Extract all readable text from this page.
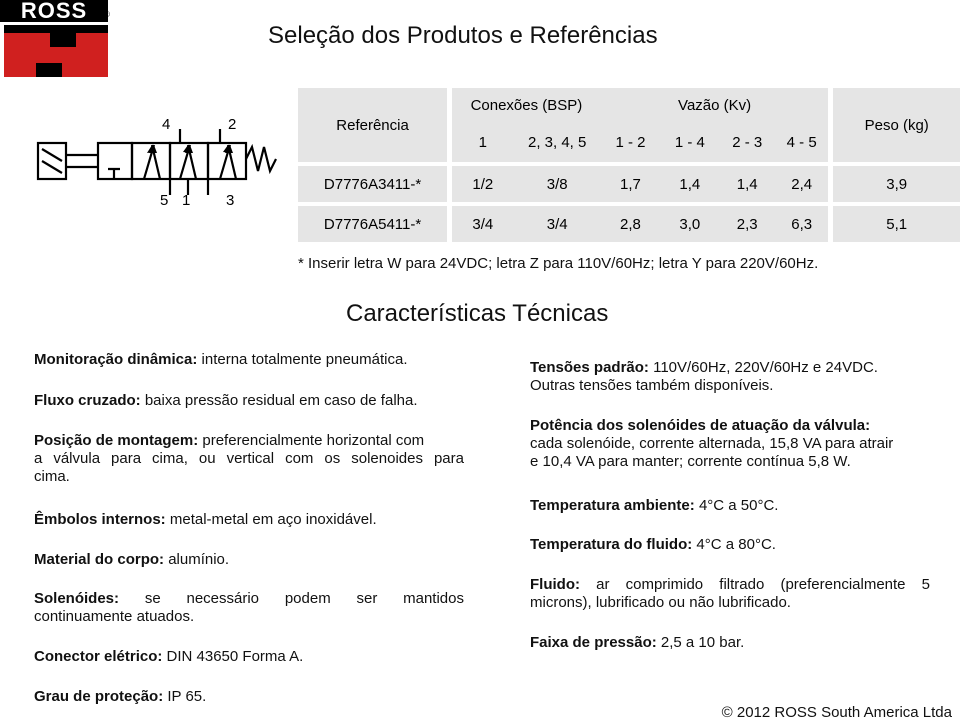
ROSS	®
Seleção dos Produtos e Referências
4	2
5 1 3
Referência	Conexões (BSP)		Vazão (Kv)				Peso (kg)
	1	2, 3, 4, 5	1 - 2	1 - 4	2 - 3	4 - 5	

D7776A3411-*	1/2	3/8	1,7	1,4	1,4	2,4	3,9

D7776A5411-*	3/4	3/4	2,8	3,0	2,3	6,3	5,1
* Inserir letra W para 24VDC; letra Z para 110V/60Hz; letra Y para 220V/60Hz.
Características Técnicas
Monitoração dinâmica: interna totalmente pneumática.
Fluxo cruzado: baixa pressão residual em caso de falha.
Posição de montagem: preferencialmente horizontal com
a válvula para cima, ou vertical com os solenoides para
cima.
Êmbolos internos: metal-metal em aço inoxidável.
Material do corpo: alumínio.
Solenóides: se necessário podem ser mantidos
continuamente atuados.
Conector elétrico: DIN 43650 Forma A.
Grau de proteção: IP 65.
Tensões padrão: 110V/60Hz, 220V/60Hz e 24VDC.
Outras tensões também disponíveis.
Potência dos solenóides de atuação da válvula:
cada solenóide, corrente alternada, 15,8 VA para atrair
e 10,4 VA para manter; corrente contínua 5,8 W.
Temperatura ambiente: 4°C a 50°C.
Temperatura do fluido: 4°C a 80°C.
Fluido: ar comprimido filtrado (preferencialmente 5
microns), lubrificado ou não lubrificado.
Faixa de pressão: 2,5 a 10 bar.
© 2012 ROSS South America Ltda
